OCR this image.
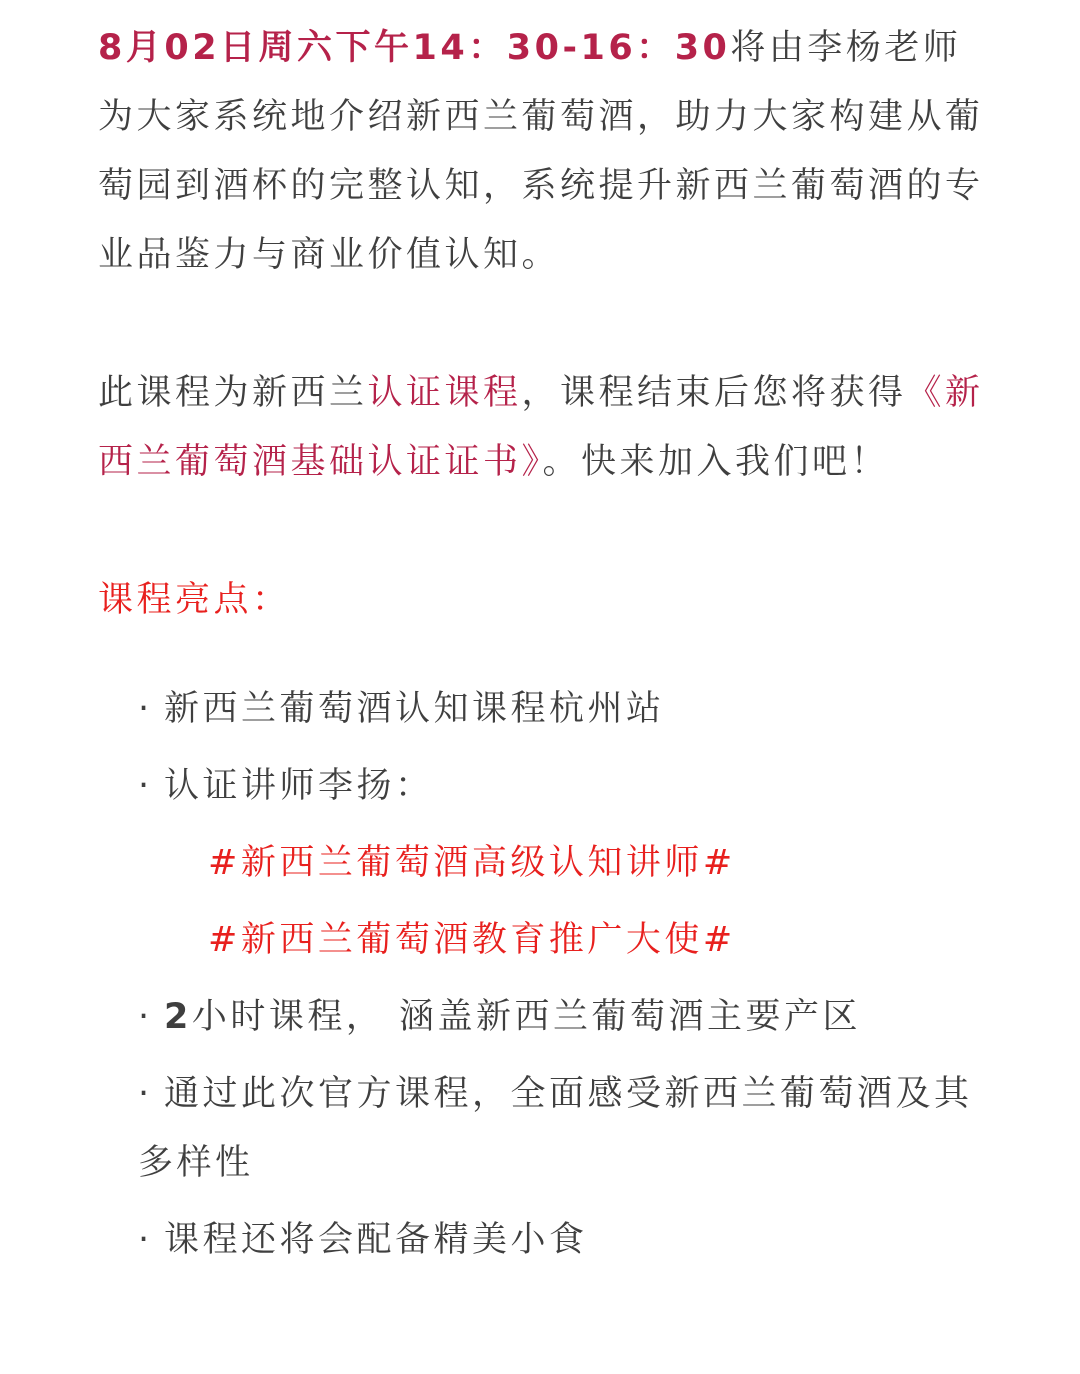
8月02日周六下午14：30-16：30将由李杨老师为大家系统地介绍新西兰葡萄酒，助力大家构建从葡萄园到酒杯的完整认知，系统提升新西兰葡萄酒的专业品鉴力与商业价值认知。

此课程为新西兰认证课程，课程结束后您将获得《新西兰葡萄酒基础认证证书》。快来加入我们吧！

课程亮点：

· 新西兰葡萄酒认知课程杭州站
· 认证讲师李扬：
#新西兰葡萄酒高级认知讲师#
#新西兰葡萄酒教育推广大使#
· 2小时课程， 涵盖新西兰葡萄酒主要产区
· 通过此次官方课程，全面感受新西兰葡萄酒及其多样性
· 课程还将会配备精美小食
